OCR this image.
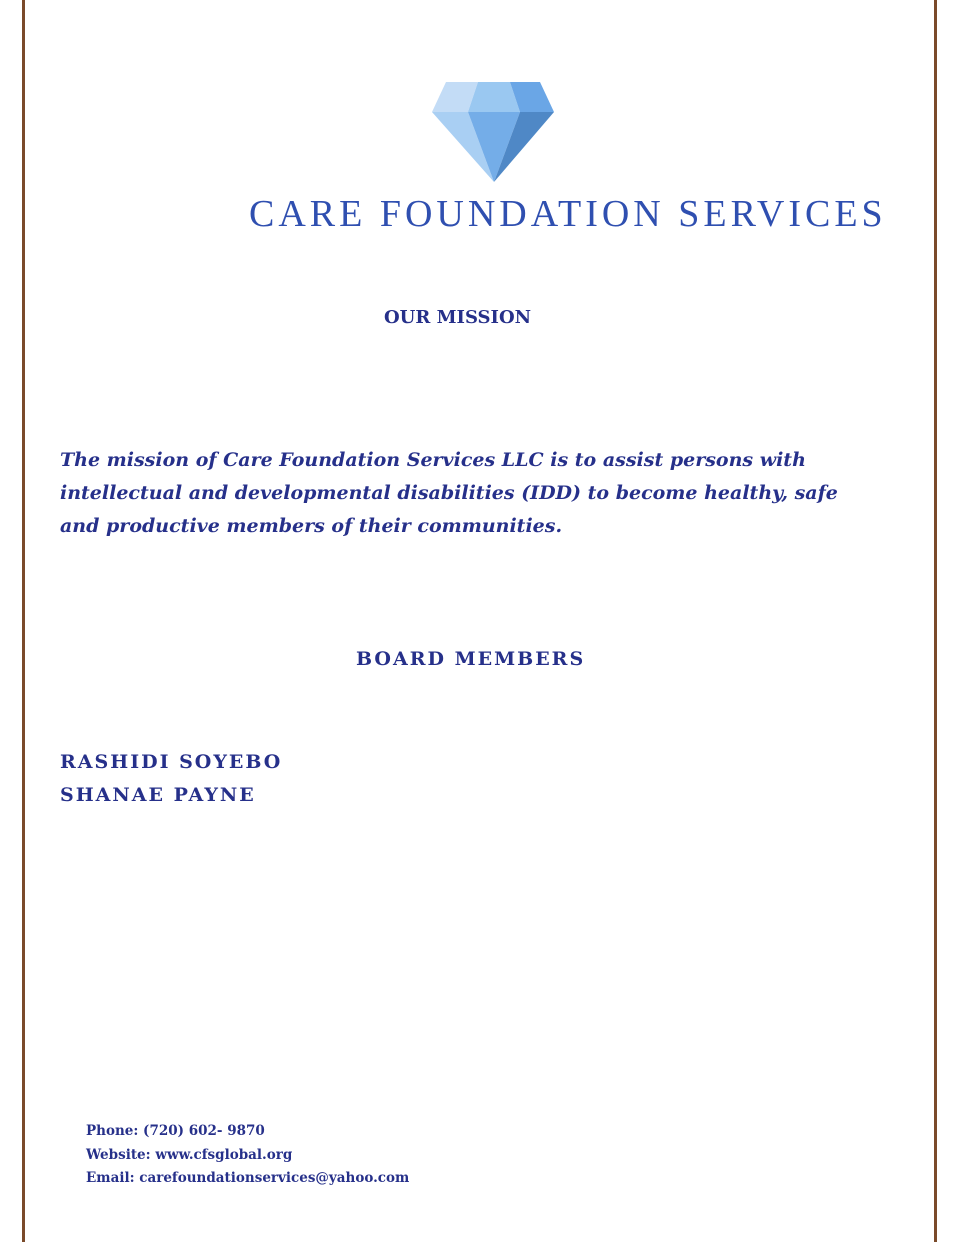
CARE FOUNDATION SERVICES
OUR MISSION

The mission of Care Foundation Services LLC is to assist persons with intellectual and developmental disabilities (IDD) to become healthy, safe and productive members of their communities.

BOARD MEMBERS
RASHIDI SOYEBO
SHANAE PAYNE
Phone: (720) 602- 9870
Website: www.cfsglobal.org
Email: carefoundationservices@yahoo.com
